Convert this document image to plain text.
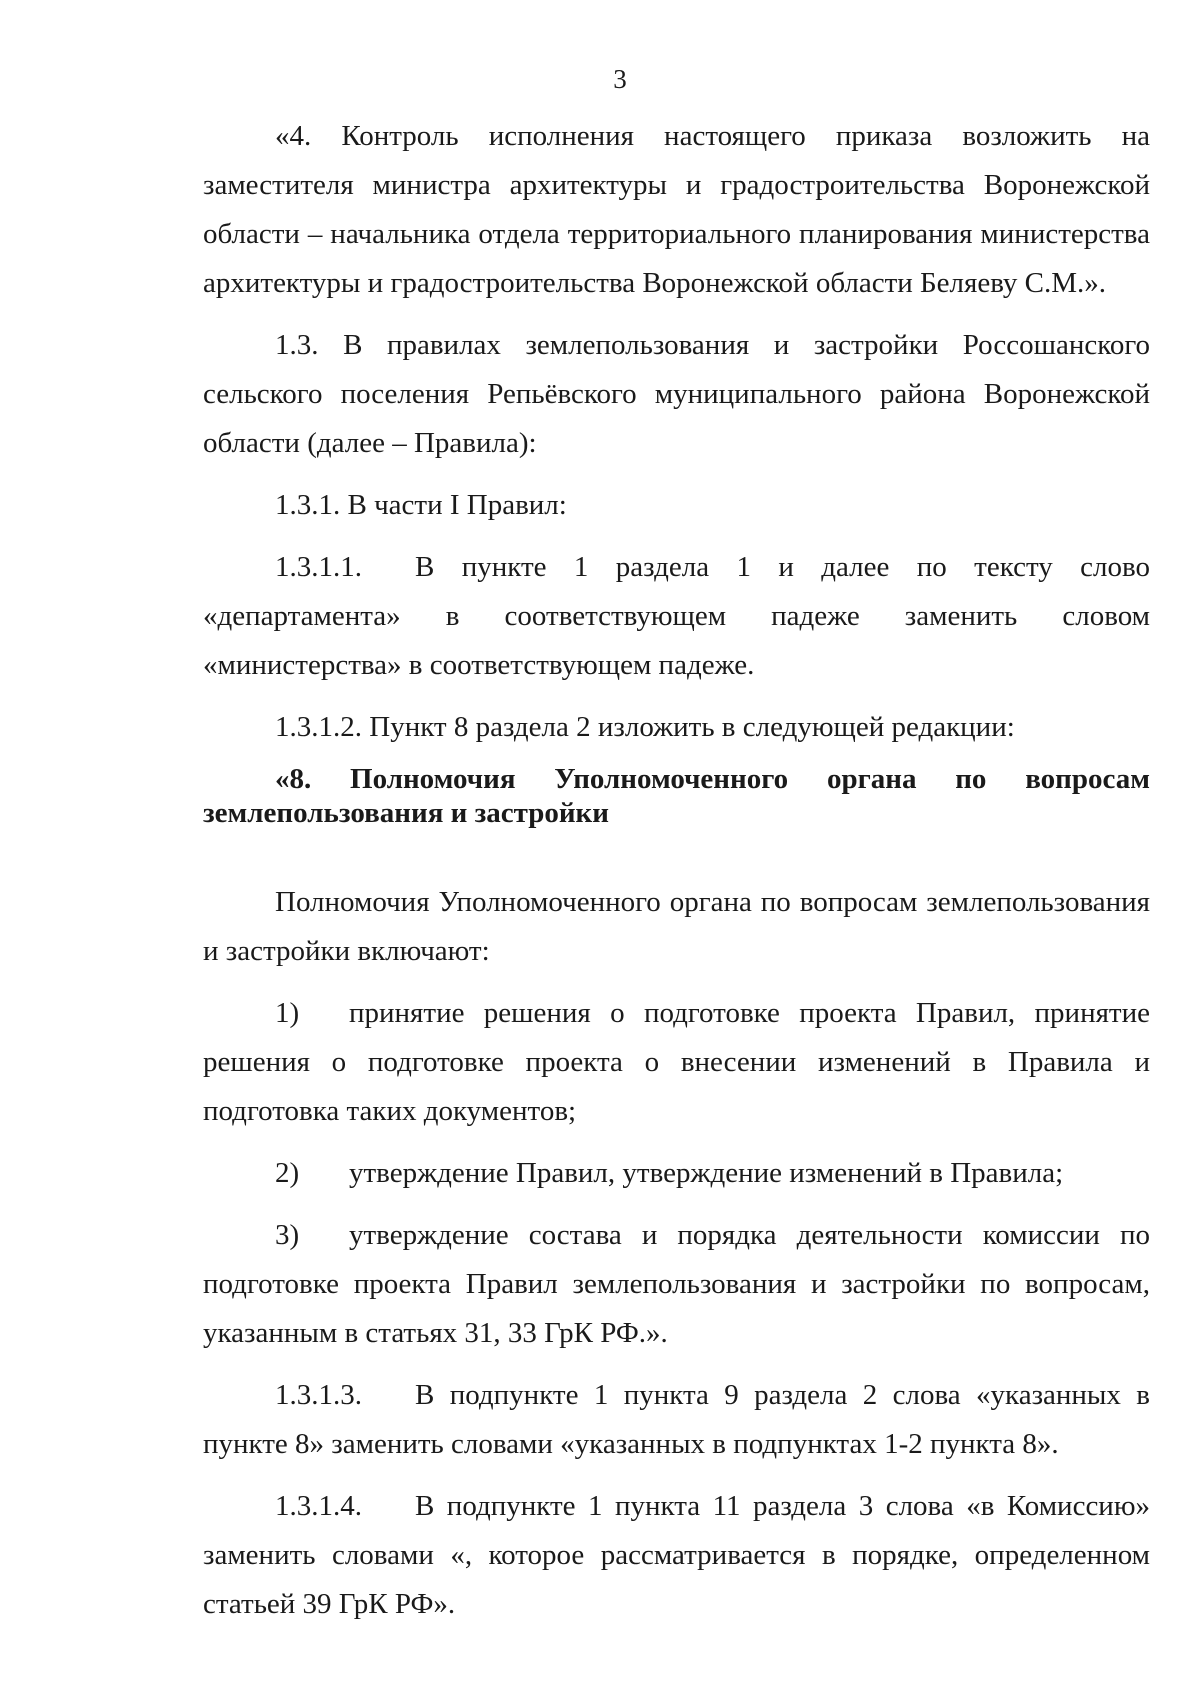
3

«4. Контроль исполнения настоящего приказа возложить на заместителя министра архитектуры и градостроительства Воронежской области – начальника отдела территориального планирования министерства архитектуры и градостроительства Воронежской области Беляеву С.М.».

1.3. В правилах землепользования и застройки Россошанского сельского поселения Репьёвского муниципального района Воронежской области (далее – Правила):

1.3.1. В части I Правил:

1.3.1.1. В пункте 1 раздела 1 и далее по тексту слово «департамента» в соответствующем падеже заменить словом «министерства» в соответствующем падеже.

1.3.1.2. Пункт 8 раздела 2 изложить в следующей редакции:

«8. Полномочия Уполномоченного органа по вопросам землепользования и застройки

Полномочия Уполномоченного органа по вопросам землепользования и застройки включают:

1) принятие решения о подготовке проекта Правил, принятие решения о подготовке проекта о внесении изменений в Правила и подготовка таких документов;

2) утверждение Правил, утверждение изменений в Правила;

3) утверждение состава и порядка деятельности комиссии по подготовке проекта Правил землепользования и застройки по вопросам, указанным в статьях 31, 33 ГрК РФ.».

1.3.1.3. В подпункте 1 пункта 9 раздела 2 слова «указанных в пункте 8» заменить словами «указанных в подпунктах 1-2 пункта 8».

1.3.1.4. В подпункте 1 пункта 11 раздела 3 слова «в Комиссию» заменить словами «, которое рассматривается в порядке, определенном статьей 39 ГрК РФ».
